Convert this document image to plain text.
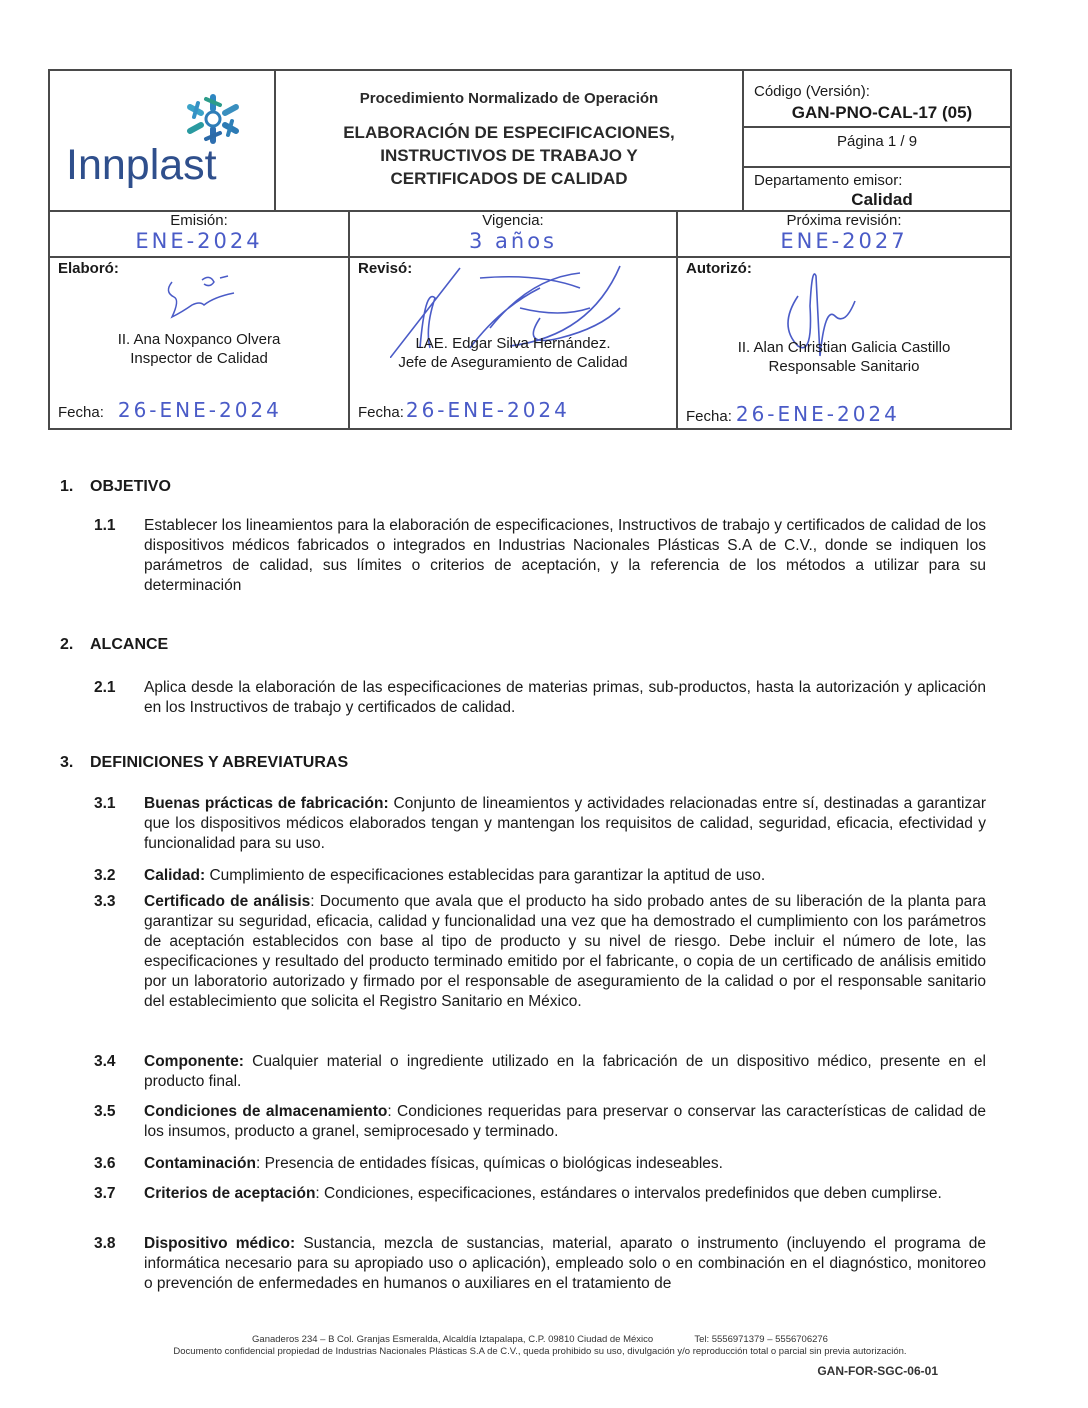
Innplast
Procedimiento Normalizado de Operación
ELABORACIÓN DE ESPECIFICACIONES,
INSTRUCTIVOS DE TRABAJO Y
CERTIFICADOS DE CALIDAD
Código (Versión):
GAN-PNO-CAL-17 (05)
Página 1 / 9
Departamento emisor:
Calidad
Emisión:
ENE-2024
Vigencia:
3 años
Próxima revisión:
ENE-2027
Elaboró:
II. Ana Noxpanco Olvera
Inspector de Calidad
Fecha: 26-ENE-2024
Revisó:
LAE. Edgar Silva Hernández.
Jefe de Aseguramiento de Calidad
Fecha: 26-ENE-2024
Autorizó:
II. Alan Christian Galicia Castillo
Responsable Sanitario
Fecha: 26-ENE-2024
1. OBJETIVO
1.1 Establecer los lineamientos para la elaboración de especificaciones, Instructivos de trabajo y certificados de calidad de los dispositivos médicos fabricados o integrados en Industrias Nacionales Plásticas S.A de C.V., donde se indiquen los parámetros de calidad, sus límites o criterios de aceptación, y la referencia de los métodos a utilizar para su determinación
2. ALCANCE
2.1 Aplica desde la elaboración de las especificaciones de materias primas, sub-productos, hasta la autorización y aplicación en los Instructivos de trabajo y certificados de calidad.
3. DEFINICIONES Y ABREVIATURAS
3.1 Buenas prácticas de fabricación: Conjunto de lineamientos y actividades relacionadas entre sí, destinadas a garantizar que los dispositivos médicos elaborados tengan y mantengan los requisitos de calidad, seguridad, eficacia, efectividad y funcionalidad para su uso.
3.2 Calidad: Cumplimiento de especificaciones establecidas para garantizar la aptitud de uso.
3.3 Certificado de análisis: Documento que avala que el producto ha sido probado antes de su liberación de la planta para garantizar su seguridad, eficacia, calidad y funcionalidad una vez que ha demostrado el cumplimiento con los parámetros de aceptación establecidos con base al tipo de producto y su nivel de riesgo. Debe incluir el número de lote, las especificaciones y resultado del producto terminado emitido por el fabricante, o copia de un certificado de análisis emitido por un laboratorio autorizado y firmado por el responsable de aseguramiento de la calidad o por el responsable sanitario del establecimiento que solicita el Registro Sanitario en México.
3.4 Componente: Cualquier material o ingrediente utilizado en la fabricación de un dispositivo médico, presente en el producto final.
3.5 Condiciones de almacenamiento: Condiciones requeridas para preservar o conservar las características de calidad de los insumos, producto a granel, semiprocesado y terminado.
3.6 Contaminación: Presencia de entidades físicas, químicas o biológicas indeseables.
3.7 Criterios de aceptación: Condiciones, especificaciones, estándares o intervalos predefinidos que deben cumplirse.
3.8 Dispositivo médico: Sustancia, mezcla de sustancias, material, aparato o instrumento (incluyendo el programa de informática necesario para su apropiado uso o aplicación), empleado solo o en combinación en el diagnóstico, monitoreo o prevención de enfermedades en humanos o auxiliares en el tratamiento de
Ganaderos 234 – B Col. Granjas Esmeralda, Alcaldía Iztapalapa, C.P. 09810 Ciudad de México	Tel: 5556971379 – 5556706276
Documento confidencial propiedad de Industrias Nacionales Plásticas S.A de C.V., queda prohibido su uso, divulgación y/o reproducción total o parcial sin previa autorización.
GAN-FOR-SGC-06-01
